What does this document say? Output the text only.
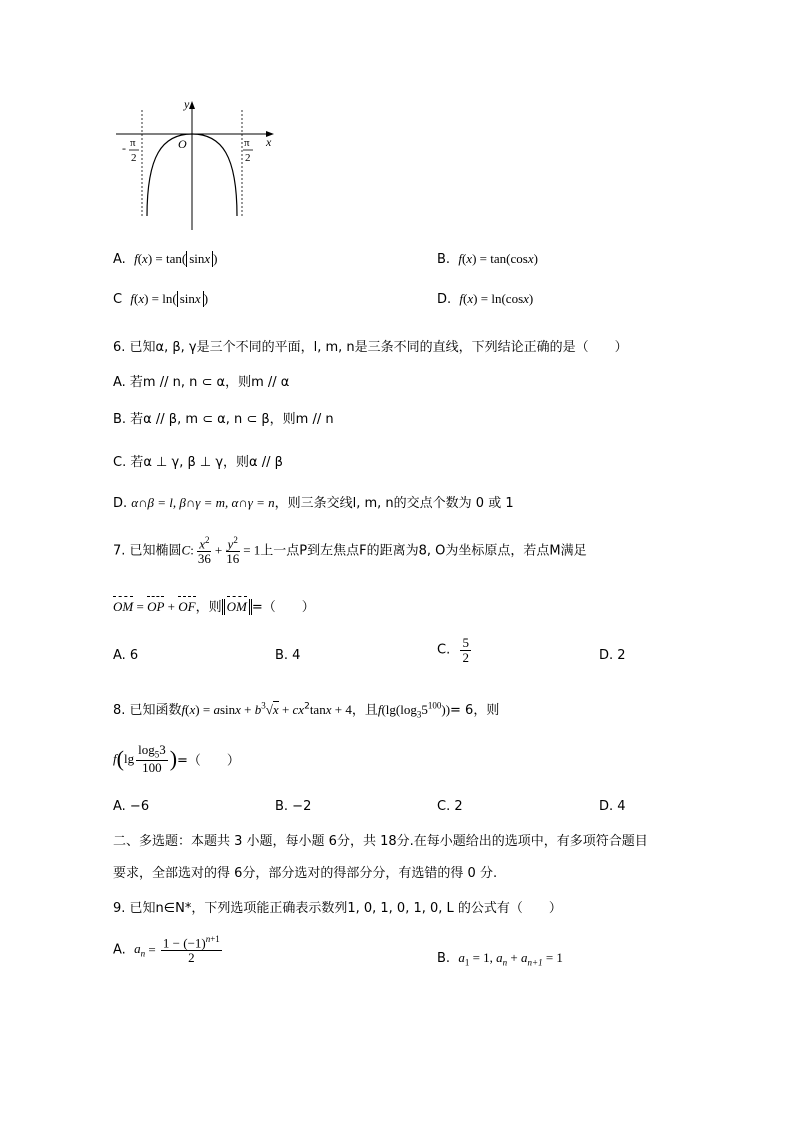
y
x
O
- π
2
π
2
A. f(x) = tan( sinx )	B. f(x) = tan(cosx)
C f(x) = ln( sinx )	D. f(x) = ln(cosx)
6. 已知α, β, γ是三个不同的平面，l, m, n是三条不同的直线，下列结论正确的是（　　）
A. 若m // n, n ⊂ α，则m // α
B. 若α // β, m ⊂ α, n ⊂ β，则m // n
C. 若α ⊥ γ, β ⊥ γ，则α // β
D. α∩β = l, β∩γ = m, α∩γ = n，则三条交线l, m, n的交点个数为 0 或 1
7. 已知椭圆C: $\frac{x^2}{36} + \frac{y^2}{16} = 1$上一点P到左焦点F的距离为8, O为坐标原点，若点M满足
OM = OP + OF，则 OM =（　　）
A. 6	B. 4	C. $\frac{5}{2}$	D. 2
8. 已知函数$f(x) = asinx + b^3√x + cx^2\tan x + 4$，且$f(\lg(\log_35^{100}))= 6$，则
$f(\lg \frac{\log_53}{100}$ )=（　　）
A. −6	B. −2	C. 2	D. 4
二、多选题：本题共 3 小题，每小题 6分，共 18分.在每小题给出的选项中，有多项符合题目
要求，全部选对的得 6分，部分选对的得部分分，有选错的得 0 分.
9. 已知n∈N*，下列选项能正确表示数列1, 0, 1, 0, 1, 0, L 的公式有（　　）
A. $a_n = \frac{1 - (-1)^{n+1}}{2}$	B. $a_1 = 1$, $a_n + a_{n+1} = 1$
